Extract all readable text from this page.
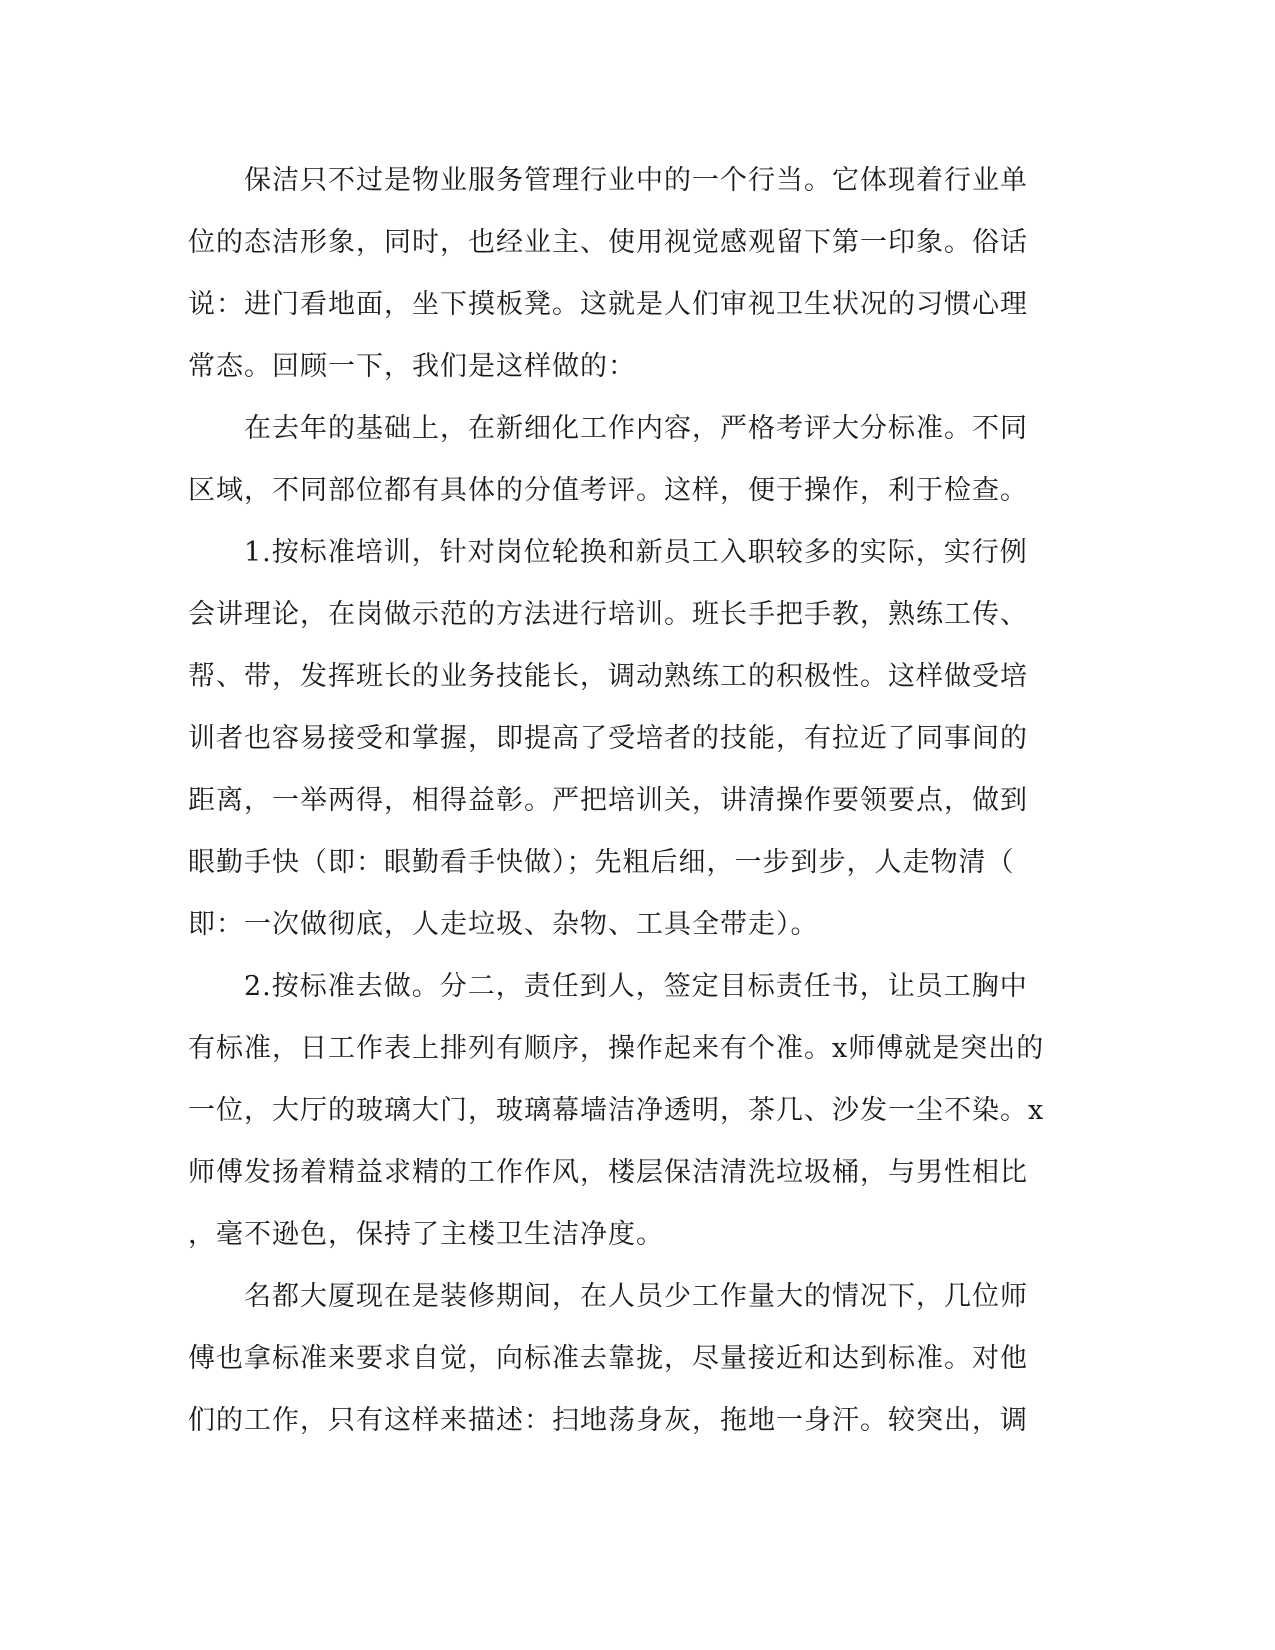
　　保洁只不过是物业服务管理行业中的一个行当。它体现着行业单
位的态洁形象，同时，也经业主、使用视觉感观留下第一印象。俗话
说：进门看地面，坐下摸板凳。这就是人们审视卫生状况的习惯心理
常态。回顾一下，我们是这样做的：
　　在去年的基础上，在新细化工作内容，严格考评大分标准。不同
区域，不同部位都有具体的分值考评。这样，便于操作，利于检查。
　　1.按标准培训，针对岗位轮换和新员工入职较多的实际，实行例
会讲理论，在岗做示范的方法进行培训。班长手把手教，熟练工传、
帮、带，发挥班长的业务技能长，调动熟练工的积极性。这样做受培
训者也容易接受和掌握，即提高了受培者的技能，有拉近了同事间的
距离，一举两得，相得益彰。严把培训关，讲清操作要领要点，做到
眼勤手快（即：眼勤看手快做）；先粗后细，一步到步，人走物清（
即：一次做彻底，人走垃圾、杂物、工具全带走）。
　　2.按标准去做。分二，责任到人，签定目标责任书，让员工胸中
有标准，日工作表上排列有顺序，操作起来有个准。x师傅就是突出的
一位，大厅的玻璃大门，玻璃幕墙洁净透明，茶几、沙发一尘不染。x
师傅发扬着精益求精的工作作风，楼层保洁清洗垃圾桶，与男性相比
，毫不逊色，保持了主楼卫生洁净度。
　　名都大厦现在是装修期间，在人员少工作量大的情况下，几位师
傅也拿标准来要求自觉，向标准去靠拢，尽量接近和达到标准。对他
们的工作，只有这样来描述：扫地荡身灰，拖地一身汗。较突出，调
